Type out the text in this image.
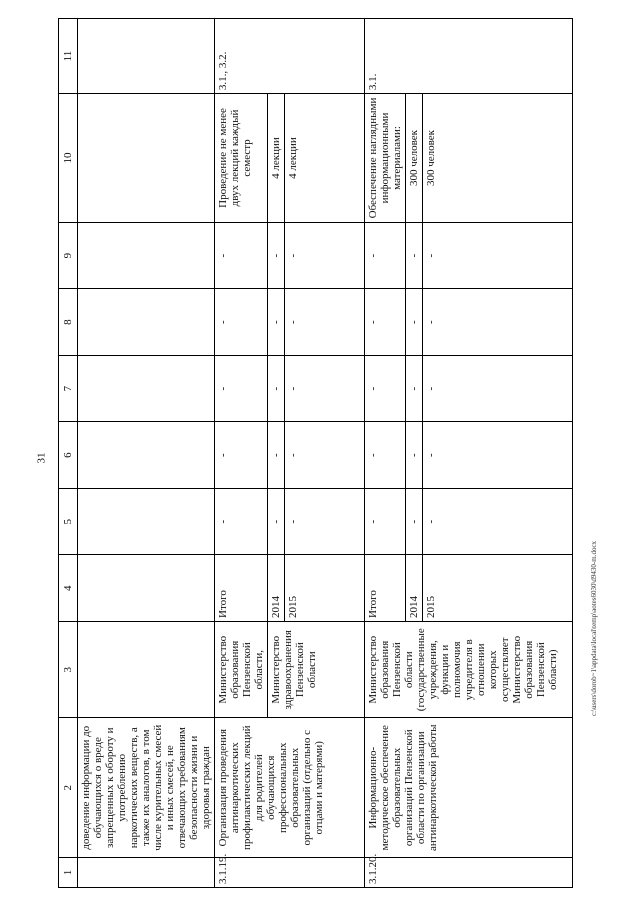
31
1	2	3	4	5	6	7	8	9	10	11
	доведение информации до обучающихся о вреде запрещенных к обороту и употреблению наркотических веществ, а также их аналогов, в том числе курительных смесей и иных смесей, не отвечающих требованиям безопасности жизни и здоровья граждан									
3.1.19.	Организация проведения антинаркотических профилактических лекций для родителей обучающихся профессиональных образовательных организаций (отдельно с отцами и матерями)	Министерство образования Пензенской области,	Итого	-	-	-	-	-	Проведение не менее двух лекций каждый семестр	3.1., 3.2.
		Министерство здравоохранения Пензенской области	2014	-	-	-	-	-	4 лекции	
			2015	-	-	-	-	-	4 лекции	
3.1.20.	Информационно-методическое обеспечение образовательных организаций Пензенской области по организации антинаркотической работы	Министерство образования Пензенской области (государственные учреждения, функции и полномочия учредителя в отношении которых осуществляет Министерство образования Пензенской области)	Итого	-	-	-	-	-	Обеспечение наглядными информационными материалами:	3.1.
			2014	-	-	-	-	-	300 человек	
			2015	-	-	-	-	-	300 человек	
c:\users\dorob~1\appdata\local\temp\aotes6030\d9430-m.docx
